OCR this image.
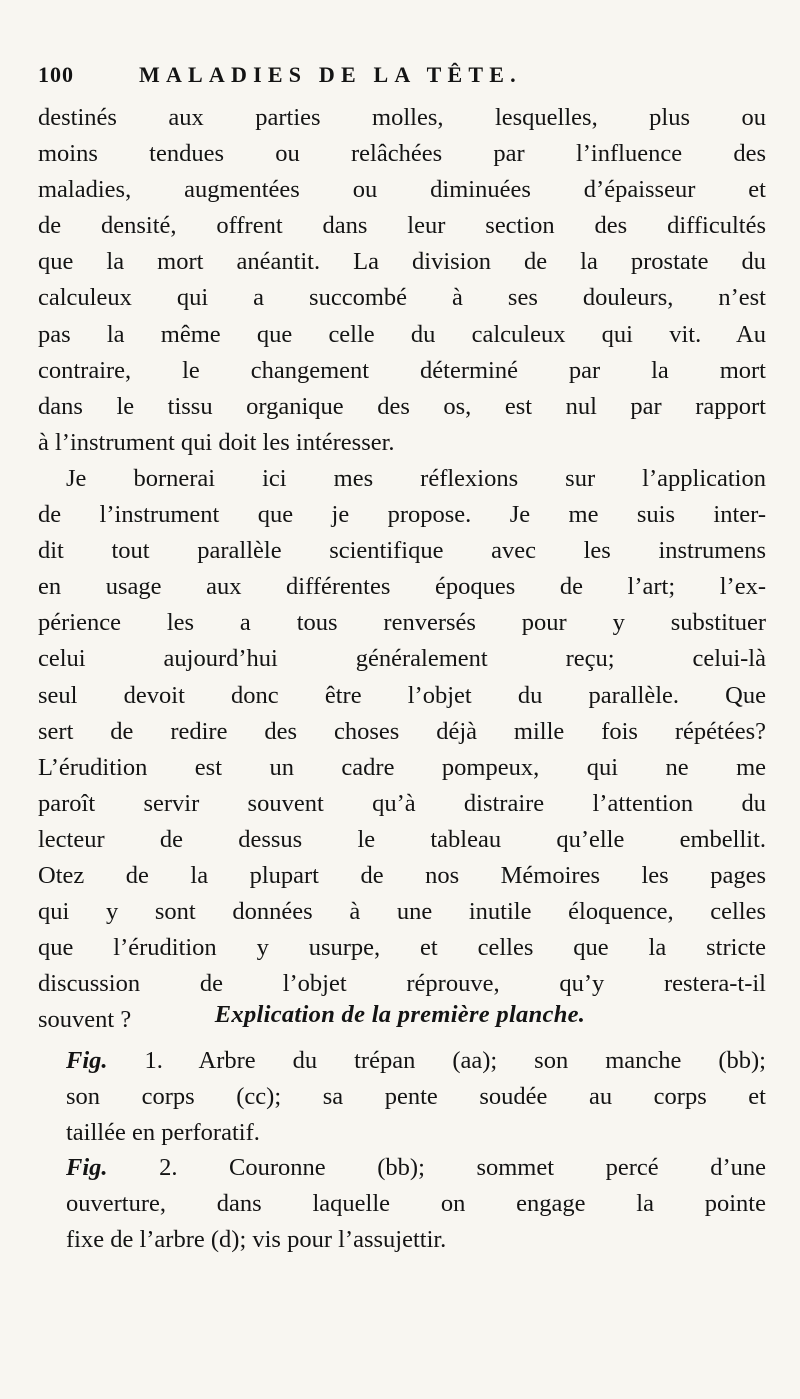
100	MALADIES DE LA TÊTE.
destinés aux parties molles, lesquelles, plus ou
moins tendues ou relâchées par l’influence des
maladies, augmentées ou diminuées d’épaisseur et
de densité, offrent dans leur section des difficultés
que la mort anéantit. La division de la prostate du
calculeux qui a succombé à ses douleurs, n’est
pas la même que celle du calculeux qui vit. Au
contraire, le changement déterminé par la mort
dans le tissu organique des os, est nul par rapport
à l’instrument qui doit les intéresser.
Je bornerai ici mes réflexions sur l’application
de l’instrument que je propose. Je me suis inter-
dit tout parallèle scientifique avec les instrumens
en usage aux différentes époques de l’art; l’ex-
périence les a tous renversés pour y substituer
celui aujourd’hui généralement reçu; celui-là
seul devoit donc être l’objet du parallèle. Que
sert de redire des choses déjà mille fois répétées?
L’érudition est un cadre pompeux, qui ne me
paroît servir souvent qu’à distraire l’attention du
lecteur de dessus le tableau qu’elle embellit.
Otez de la plupart de nos Mémoires les pages
qui y sont données à une inutile éloquence, celles
que l’érudition y usurpe, et celles que la stricte
discussion de l’objet réprouve, qu’y restera-t-il
souvent ?	Explication de la première planche.
Fig. 1. Arbre du trépan (aa); son manche (bb);
son corps (cc); sa pente soudée au corps et
taillée en perforatif.
Fig. 2. Couronne (bb); sommet percé d’une
ouverture, dans laquelle on engage la pointe
fixe de l’arbre (d); vis pour l’assujettir.
